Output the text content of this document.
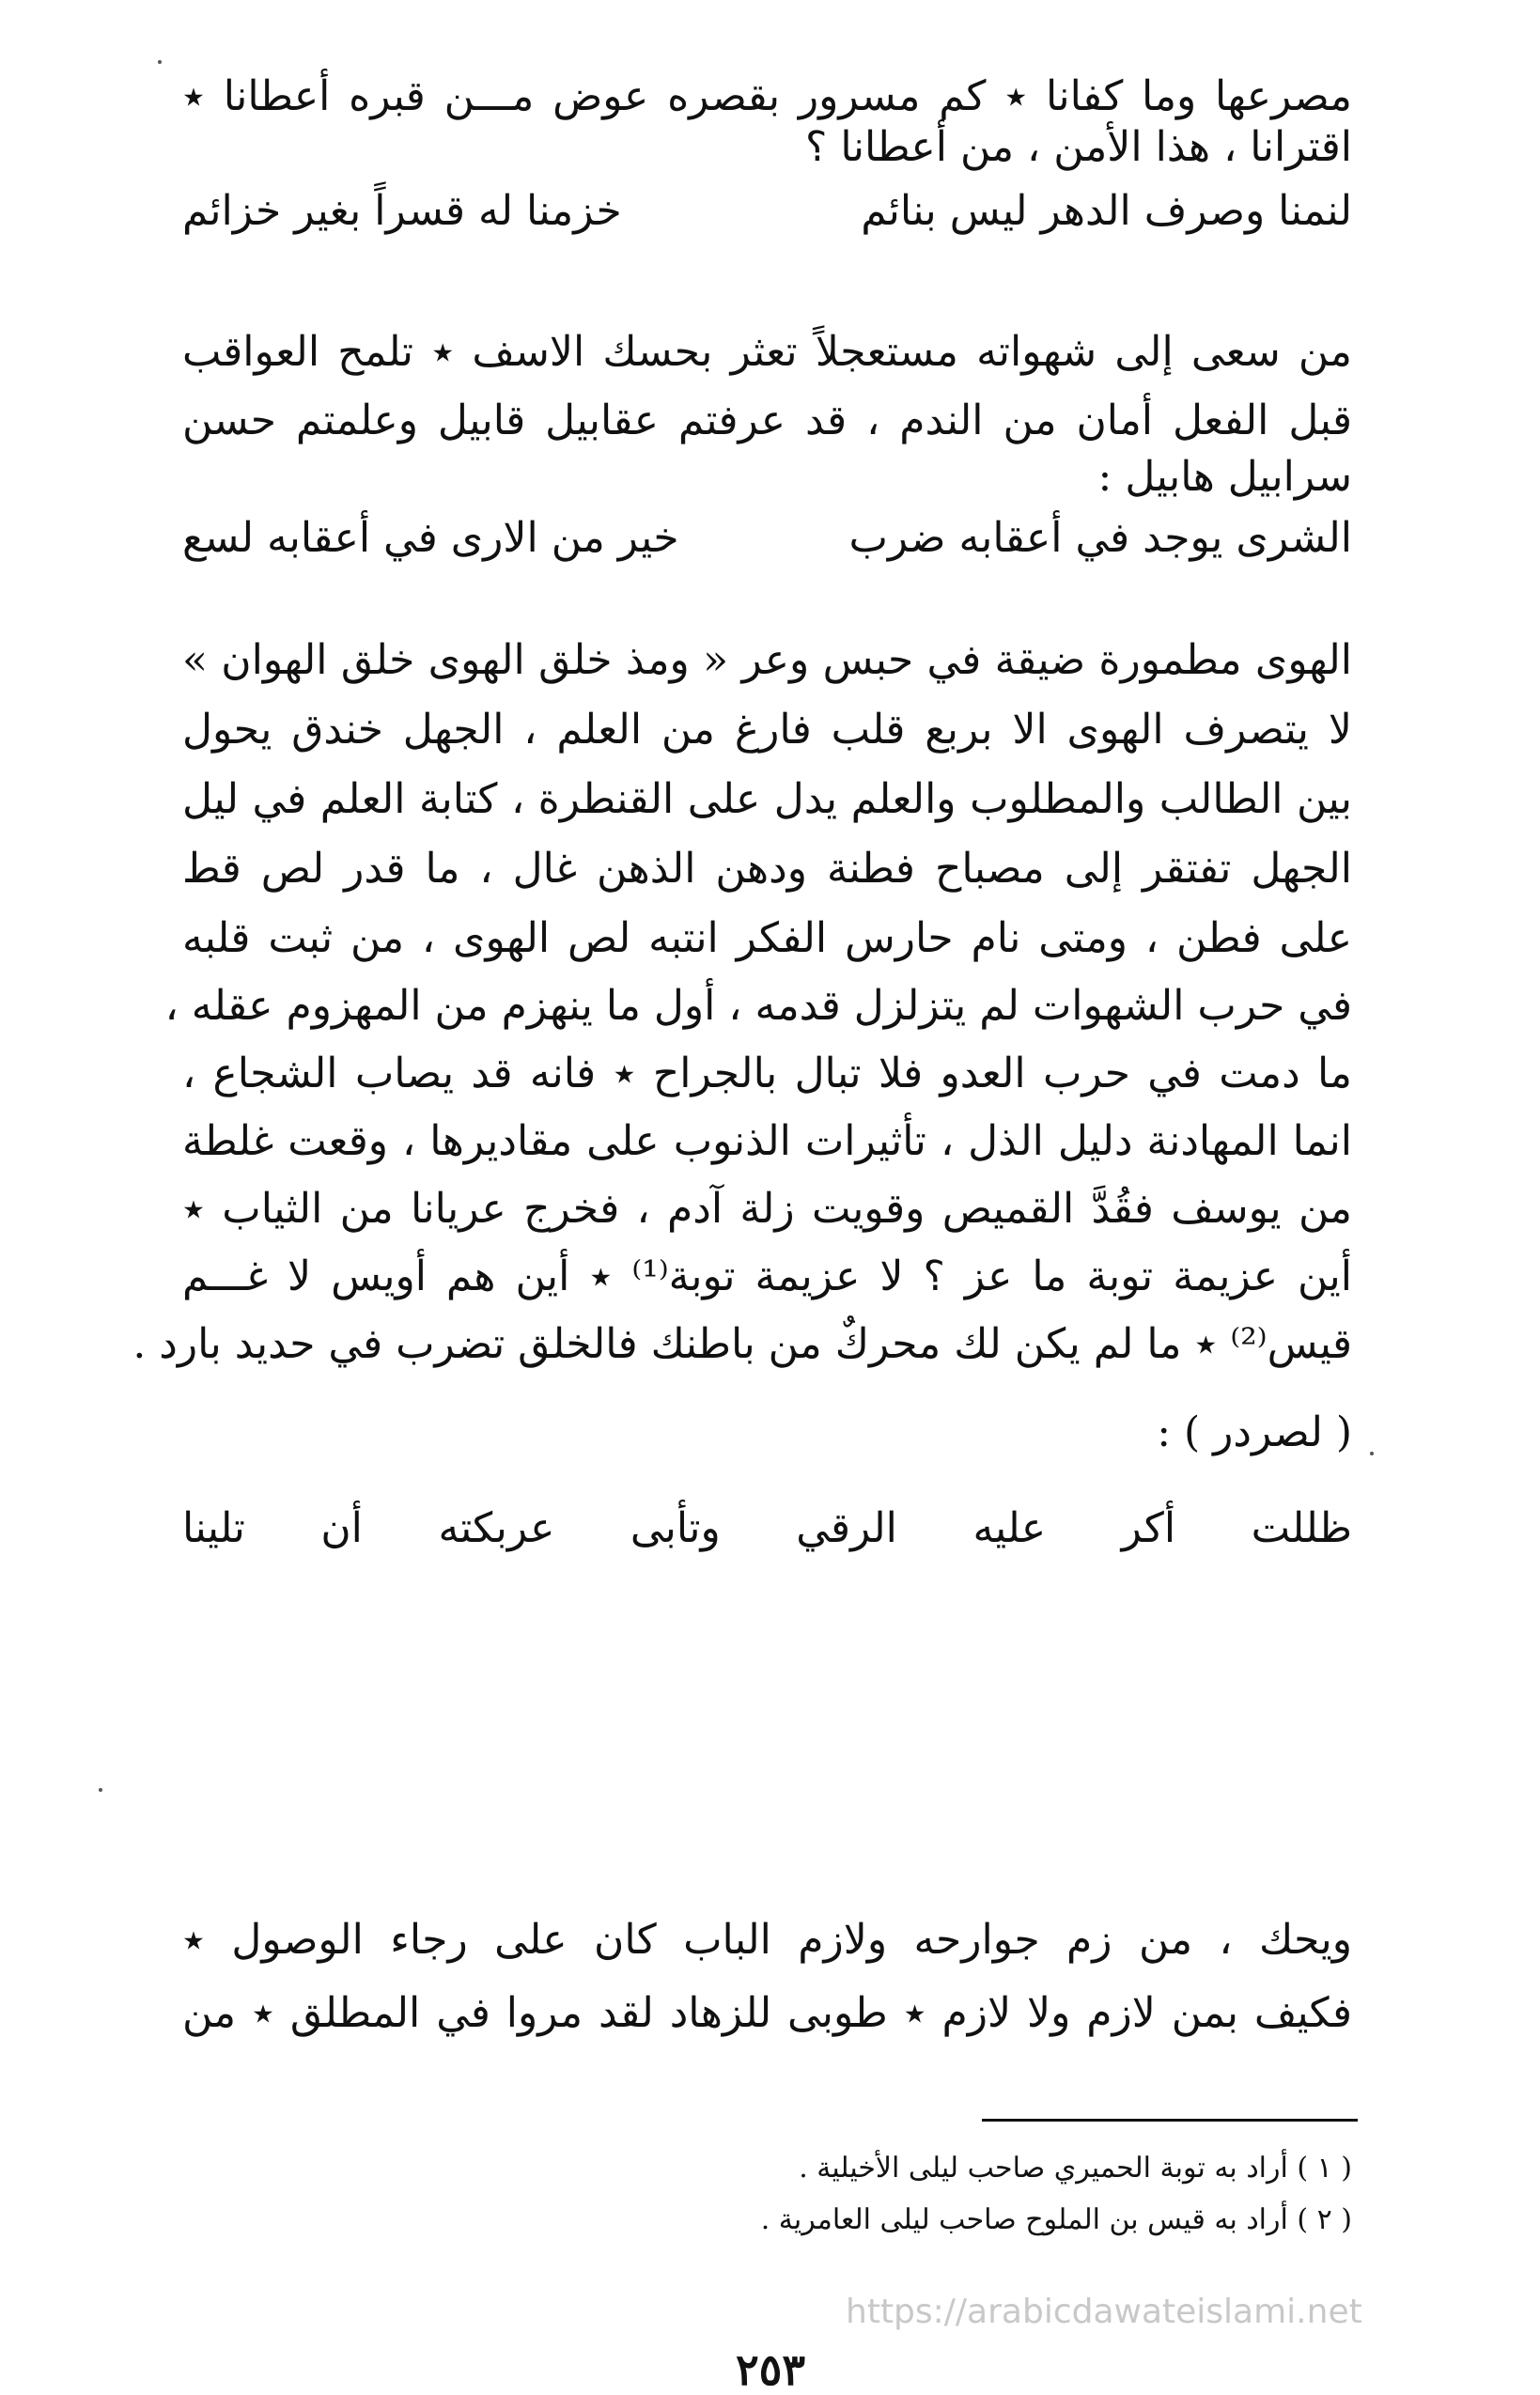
مصرعها وما كفانا ٭ كم مسرور بقصره عوض مـــن قبره أعطانا ٭
اقترانا ، هذا الأمن ، من أعطانا ؟
لنمنا وصرف الدهر ليس بنائم
خزمنا له قسراً بغير خزائم
من سعى إلى شهواته مستعجلاً تعثر بحسك الاسف ٭ تلمح العواقب
قبل الفعل أمان من الندم ، قد عرفتم عقابيل قابيل وعلمتم حسن
سرابيل هابيل :
الشرى يوجد في أعقابه ضرب
خير من الارى في أعقابه لسع
الهوى مطمورة ضيقة في حبس وعر « ومذ خلق الهوى خلق الهوان »
لا يتصرف الهوى الا بربع قلب فارغ من العلم ، الجهل خندق يحول
بين الطالب والمطلوب والعلم يدل على القنطرة ، كتابة العلم في ليل
الجهل تفتقر إلى مصباح فطنة ودهن الذهن غال ، ما قدر لص قط
على فطن ، ومتى نام حارس الفكر انتبه لص الهوى ، من ثبت قلبه
في حرب الشهوات لم يتزلزل قدمه ، أول ما ينهزم من المهزوم عقله ،
ما دمت في حرب العدو فلا تبال بالجراح ٭ فانه قد يصاب الشجاع ،
انما المهادنة دليل الذل ، تأثيرات الذنوب على مقاديرها ، وقعت غلطة
من يوسف فقُدَّ القميص وقويت زلة آدم ، فخرج عريانا من الثياب ٭
أين عزيمة توبة ما عز ؟ لا عزيمة توبة⁽¹⁾ ٭ أين هم أويس لا غـــم
قيس⁽²⁾ ٭ ما لم يكن لك محركٌ من باطنك فالخلق تضرب في حديد بارد .
( لصردر ) :
ظللت
أكر
عليه
الرقي
وتأبى
عربكته
أن
تلينا
ويحك ، من زم جوارحه ولازم الباب كان على رجاء الوصول ٭
فكيف بمن لازم ولا لازم ٭ طوبى للزهاد لقد مروا في المطلق ٭ من
( ١ ) أراد به توبة الحميري صاحب ليلى الأخيلية .
( ٢ ) أراد به قيس بن الملوح صاحب ليلى العامرية .
https://arabicdawateislami.net
٢٥٣
